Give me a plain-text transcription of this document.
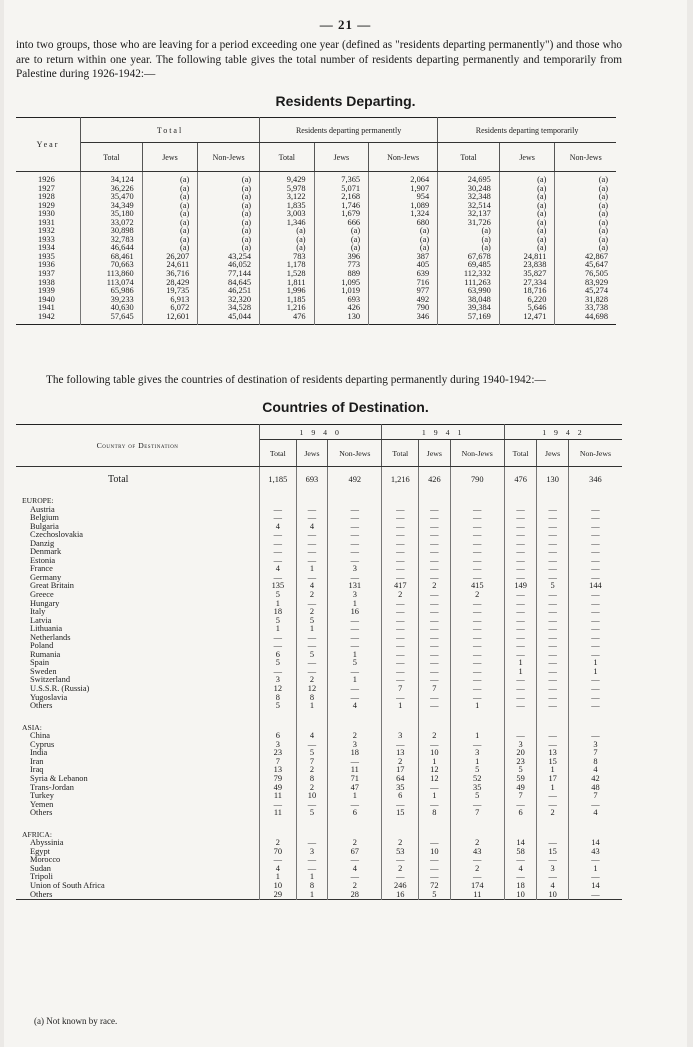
— 21 —
into two groups, those who are leaving for a period exceeding one year (defined as "residents departing permanently") and those who are to return within one year. The following table gives the total number of residents departing permanently and temporarily from Palestine during 1926-1942:—
Residents Departing.
Year	Total			Residents departing permanently			Residents departing temporarily		
	Total	Jews	Non-Jews	Total	Jews	Non-Jews	Total	Jews	Non-Jews
1926	34,124	(a)	(a)	9,429	7,365	2,064	24,695	(a)	(a)
1927	36,226	(a)	(a)	5,978	5,071	1,907	30,248	(a)	(a)
1928	35,470	(a)	(a)	3,122	2,168	954	32,348	(a)	(a)
1929	34,349	(a)	(a)	1,835	1,746	1,089	32,514	(a)	(a)
1930	35,180	(a)	(a)	3,003	1,679	1,324	32,137	(a)	(a)
1931	33,072	(a)	(a)	1,346	666	680	31,726	(a)	(a)
1932	30,898	(a)	(a)	(a)	(a)	(a)	(a)	(a)	(a)
1933	32,783	(a)	(a)	(a)	(a)	(a)	(a)	(a)	(a)
1934	46,644	(a)	(a)	(a)	(a)	(a)	(a)	(a)	(a)
1935	68,461	26,207	43,254	783	396	387	67,678	24,811	42,867
1936	70,663	24,611	46,052	1,178	773	405	69,485	23,838	45,647
1937	113,860	36,716	77,144	1,528	889	639	112,332	35,827	76,505
1938	113,074	28,429	84,645	1,811	1,095	716	111,263	27,334	83,929
1939	65,986	19,735	46,251	1,996	1,019	977	63,990	18,716	45,274
1940	39,233	6,913	32,320	1,185	693	492	38,048	6,220	31,828
1941	40,630	6,072	34,528	1,216	426	790	39,384	5,646	33,738
1942	57,645	12,601	45,044	476	130	346	57,169	12,471	44,698
The following table gives the countries of destination of residents departing permanently during 1940-1942:—
Countries of Destination.
Country of Destination	1 9 4 0			1 9 4 1			1 9 4 2		
	Total	Jews	Non-Jews	Total	Jews	Non-Jews	Total	Jews	Non-Jews
Total	1,185	693	492	1,216	426	790	476	130	346
EUROPE:									
Austria	—	—	—	—	—	—	—	—	—
Belgium	—	—	—	—	—	—	—	—	—
Bulgaria	4	4	—	—	—	—	—	—	—
Czechoslovakia	—	—	—	—	—	—	—	—	—
Danzig	—	—	—	—	—	—	—	—	—
Denmark	—	—	—	—	—	—	—	—	—
Estonia	—	—	—	—	—	—	—	—	—
France	4	1	3	—	—	—	—	—	—
Germany	—	—	—	—	—	—	—	—	—
Great Britain	135	4	131	417	2	415	149	5	144
Greece	5	2	3	2	—	2	—	—	—
Hungary	1	—	1	—	—	—	—	—	—
Italy	18	2	16	—	—	—	—	—	—
Latvia	5	5	—	—	—	—	—	—	—
Lithuania	1	1	—	—	—	—	—	—	—
Netherlands	—	—	—	—	—	—	—	—	—
Poland	—	—	—	—	—	—	—	—	—
Rumania	6	5	1	—	—	—	—	—	—
Spain	5	—	5	—	—	—	1	—	1
Sweden	—	—	—	—	—	—	1	—	1
Switzerland	3	2	1	—	—	—	—	—	—
U.S.S.R. (Russia)	12	12	—	7	7	—	—	—	—
Yugoslavia	8	8	—	—	—	—	—	—	—
Others	5	1	4	1	—	1	—	—	—

ASIA:									
China	6	4	2	3	2	1	—	—	—
Cyprus	3	—	3	—	—	—	3	—	3
India	23	5	18	13	10	3	20	13	7
Iran	7	7	—	2	1	1	23	15	8
Iraq	13	2	11	17	12	5	5	1	4
Syria & Lebanon	79	8	71	64	12	52	59	17	42
Trans-Jordan	49	2	47	35	—	35	49	1	48
Turkey	11	10	1	6	1	5	7	—	7
Yemen	—	—	—	—	—	—	—	—	—
Others	11	5	6	15	8	7	6	2	4

AFRICA:									
Abyssinia	2	—	2	2	—	2	14	—	14
Egypt	70	3	67	53	10	43	58	15	43
Morocco	—	—	—	—	—	—	—	—	—
Sudan	4	—	4	2	—	2	4	3	1
Tripoli	1	1	—	—	—	—	—	—	—
Union of South Africa	10	8	2	246	72	174	18	4	14
Others	29	1	28	16	5	11	10	10	—
(a) Not known by race.
